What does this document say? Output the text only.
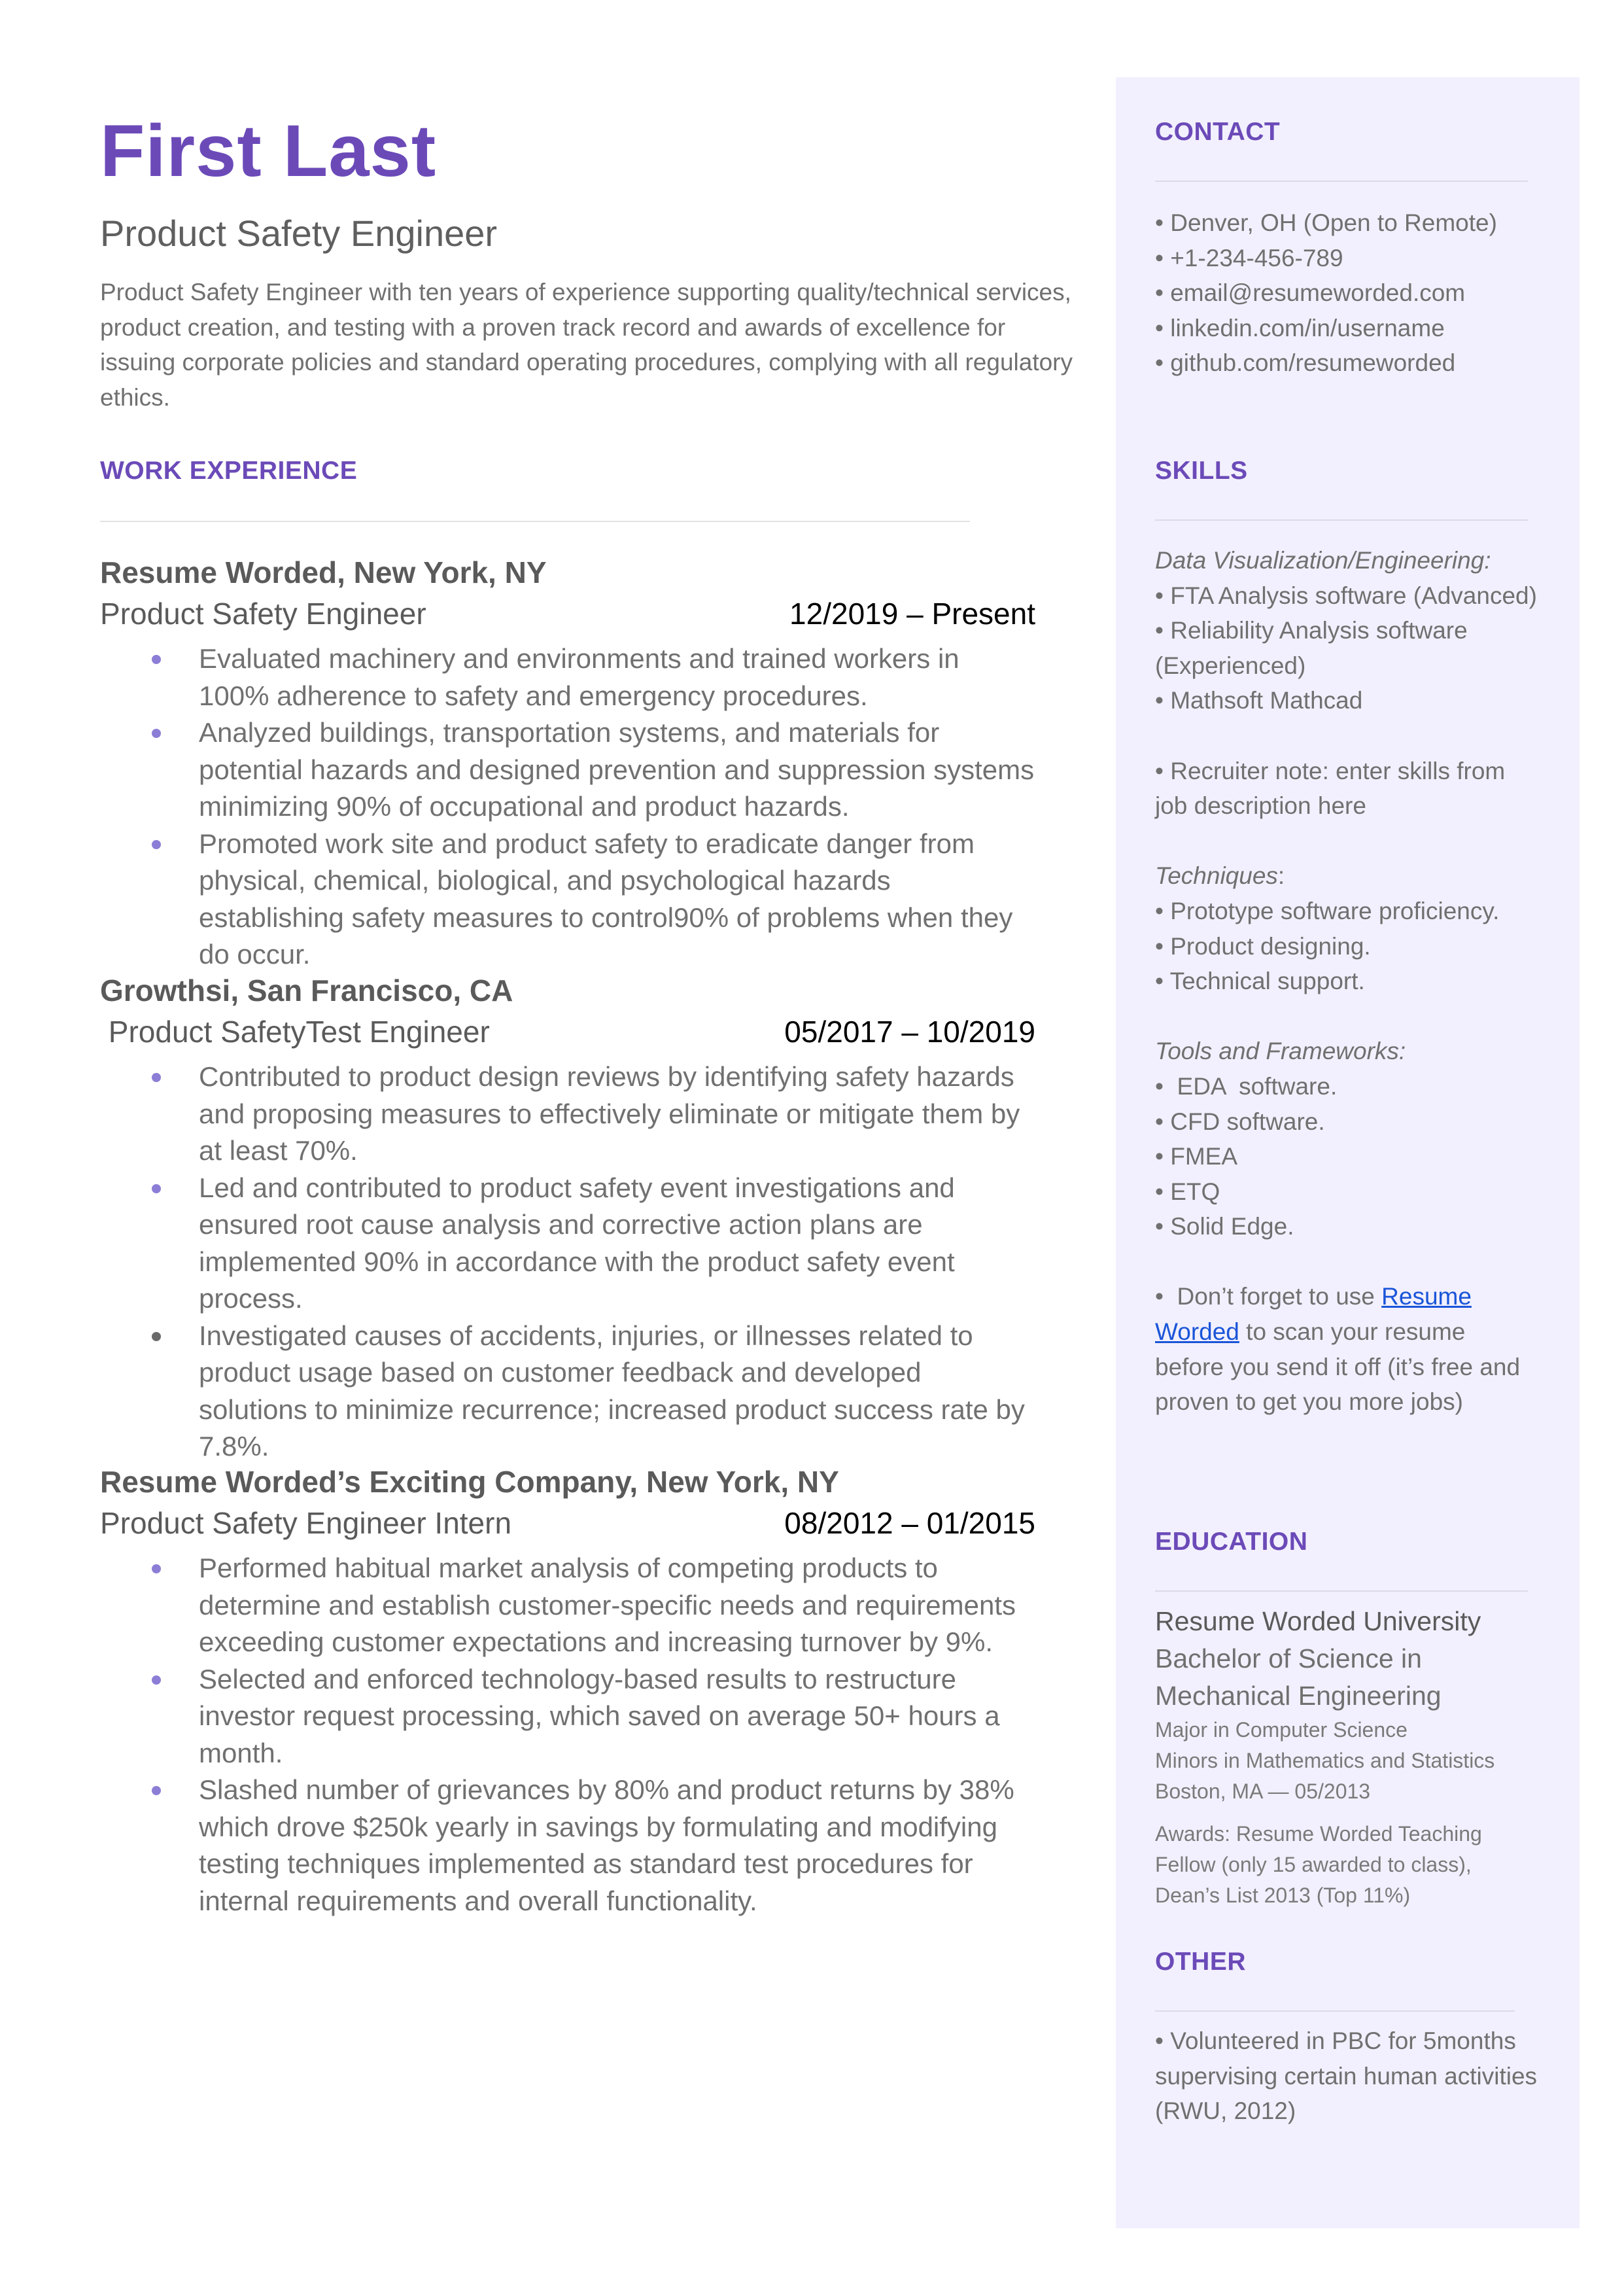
First Last
Product Safety Engineer
Product Safety Engineer with ten years of experience supporting quality/technical services, product creation, and testing with a proven track record and awards of excellence for issuing corporate policies and standard operating procedures, complying with all regulatory ethics.
WORK EXPERIENCE
Resume Worded, New York, NY
Product Safety Engineer	12/2019 – Present
Evaluated machinery and environments and trained workers in 100% adherence to safety and emergency procedures.
Analyzed buildings, transportation systems, and materials for potential hazards and designed prevention and suppression systems minimizing 90% of occupational and product hazards.
Promoted work site and product safety to eradicate danger from physical, chemical, biological, and psychological hazards establishing safety measures to control90% of problems when they do occur.
Growthsi, San Francisco, CA
Product SafetyTest Engineer	05/2017 – 10/2019
Contributed to product design reviews by identifying safety hazards and proposing measures to effectively eliminate or mitigate them by at least 70%.
Led and contributed to product safety event investigations and ensured root cause analysis and corrective action plans are implemented 90% in accordance with the product safety event process.
Investigated causes of accidents, injuries, or illnesses related to product usage based on customer feedback and developed solutions to minimize recurrence; increased product success rate by 7.8%.
Resume Worded’s Exciting Company, New York, NY
Product Safety Engineer Intern	08/2012 – 01/2015
Performed habitual market analysis of competing products to determine and establish customer-specific needs and requirements exceeding customer expectations and increasing turnover by 9%.
Selected and enforced technology-based results to restructure investor request processing, which saved on average 50+ hours a month.
Slashed number of grievances by 80% and product returns by 38% which drove $250k yearly in savings by formulating and modifying testing techniques implemented as standard test procedures for internal requirements and overall functionality.
CONTACT
• Denver, OH (Open to Remote)
• +1-234-456-789
• email@resumeworded.com
• linkedin.com/in/username
• github.com/resumeworded
SKILLS
Data Visualization/Engineering:
• FTA Analysis software (Advanced)
• Reliability Analysis software (Experienced)
• Mathsoft Mathcad
• Recruiter note: enter skills from job description here
Techniques:
• Prototype software proficiency.
• Product designing.
• Technical support.
Tools and Frameworks:
•  EDA  software.
• CFD software.
• FMEA
• ETQ
• Solid Edge.
•  Don’t forget to use Resume Worded to scan your resume before you send it off (it’s free and proven to get you more jobs)
EDUCATION
Resume Worded University
Bachelor of Science in Mechanical Engineering
Major in Computer Science
Minors in Mathematics and Statistics
Boston, MA — 05/2013
Awards: Resume Worded Teaching Fellow (only 15 awarded to class), Dean’s List 2013 (Top 11%)
OTHER
• Volunteered in PBC for 5months supervising certain human activities (RWU, 2012)
